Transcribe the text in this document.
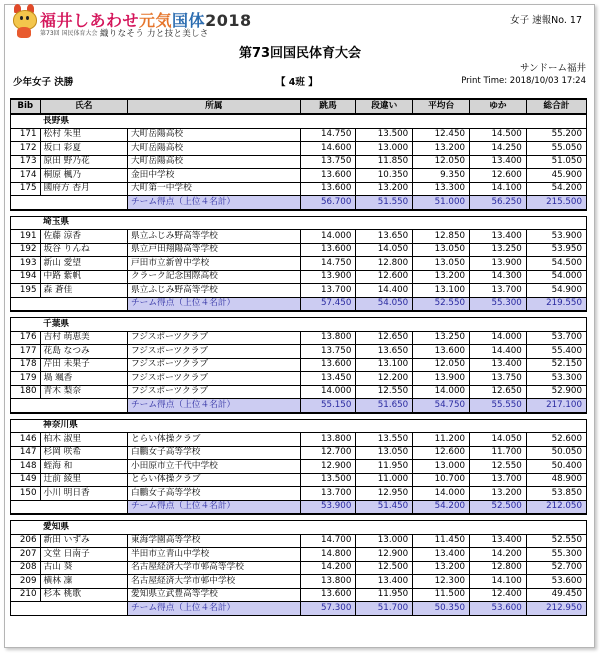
福井しあわせ元気国体2018
第73回 国民体育大会 織りなそう 力と技と美しさ
女子 速報No. 17
第73回国民体育大会
サンドーム福井
少年女子 決勝	【 4班 】	Print Time: 2018/10/03 17:24
Bib	氏名	所属	跳馬	段違い	平均台	ゆか	総合計
	長野県						
171	松村 朱里	大町岳陽高校	14.750	13.500	12.450	14.500	55.200
172	坂口 彩夏	大町岳陽高校	14.600	13.000	13.200	14.250	55.050
173	原田 野乃花	大町岳陽高校	13.750	11.850	12.050	13.400	51.050
174	桐原 楓乃	金田中学校	13.600	10.350	9.350	12.600	45.900
175	國府方 杏月	大町第一中学校	13.600	13.200	13.300	14.100	54.200
		チーム得点（上位４名計）	56.700	51.550	51.000	56.250	215.500

	埼玉県						
191	佐藤 涼香	県立ふじみ野高等学校	14.000	13.650	12.850	13.400	53.900
192	坂谷 りんね	県立戸田翔陽高等学校	13.600	14.050	13.050	13.250	53.950
193	新山 愛望	戸田市立新曽中学校	14.750	12.800	13.050	13.900	54.500
194	中路 紫帆	クラーク記念国際高校	13.900	12.600	13.200	14.300	54.000
195	森 蒼佳	県立ふじみ野高等学校	13.700	14.400	13.100	13.700	54.900
		チーム得点（上位４名計）	57.450	54.050	52.550	55.300	219.550

	千葉県						
176	吉村 萌恵美	フジスポーツクラブ	13.800	12.650	13.250	14.000	53.700
177	花島 なつみ	フジスポーツクラブ	13.750	13.650	13.600	14.400	55.400
178	芹田 未果子	フジスポーツクラブ	13.600	13.100	12.050	13.400	52.150
179	堝 颯香	フジスポーツクラブ	13.450	12.200	13.900	13.750	53.300
180	青木 梨奈	フジスポーツクラブ	14.000	12.550	14.000	12.650	52.900
		チーム得点（上位４名計）	55.150	51.650	54.750	55.550	217.100

	神奈川県						
146	柏木 淑里	とらい体操クラブ	13.800	13.550	11.200	14.050	52.600
147	杉岡 咲希	白鵬女子高等学校	12.700	13.050	12.600	11.700	50.050
148	蛭海 和	小田原市立千代中学校	12.900	11.950	13.000	12.550	50.400
149	辻前 綾里	とらい体操クラブ	13.500	11.000	10.700	13.700	48.900
150	小川 明日香	白鵬女子高等学校	13.700	12.950	14.000	13.200	53.850
		チーム得点（上位４名計）	53.900	51.450	54.200	52.500	212.050

	愛知県						
206	新田 いずみ	東海学園高等学校	14.700	13.000	11.450	13.400	52.550
207	文堂 日南子	半田市立青山中学校	14.800	12.900	13.400	14.200	55.300
208	古山 葵	名古屋経済大学市邨高等学校	14.200	12.500	13.200	12.800	52.700
209	横林 凜	名古屋経済大学市邨中学校	13.800	13.400	12.300	14.100	53.600
210	杉本 桃歌	愛知県立武豊高等学校	13.600	11.950	11.500	12.400	49.450
		チーム得点（上位４名計）	57.300	51.700	50.350	53.600	212.950
